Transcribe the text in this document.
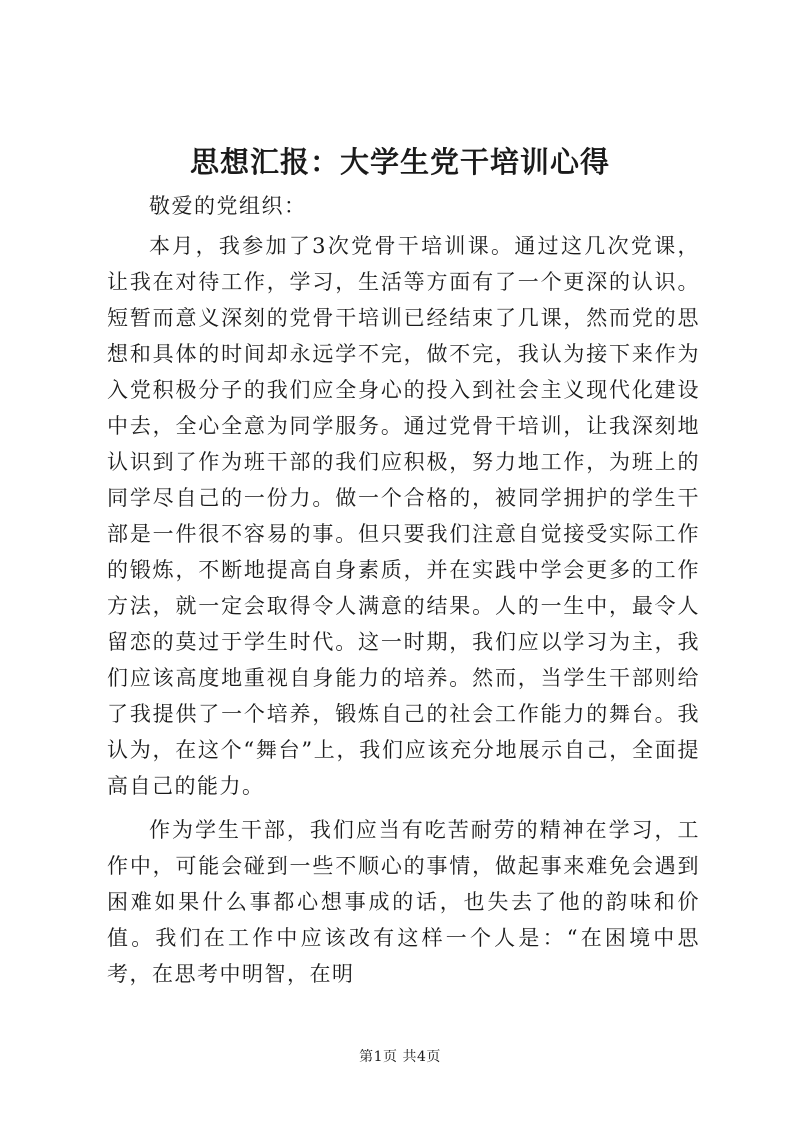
思想汇报：大学生党干培训心得

敬爱的党组织：

本月，我参加了3次党骨干培训课。通过这几次党课，让我在对待工作，学习，生活等方面有了一个更深的认识。短暂而意义深刻的党骨干培训已经结束了几课，然而党的思想和具体的时间却永远学不完，做不完，我认为接下来作为入党积极分子的我们应全身心的投入到社会主义现代化建设中去，全心全意为同学服务。通过党骨干培训，让我深刻地认识到了作为班干部的我们应积极，努力地工作，为班上的同学尽自己的一份力。做一个合格的，被同学拥护的学生干部是一件很不容易的事。但只要我们注意自觉接受实际工作的锻炼，不断地提高自身素质，并在实践中学会更多的工作方法，就一定会取得令人满意的结果。人的一生中，最令人留恋的莫过于学生时代。这一时期，我们应以学习为主，我们应该高度地重视自身能力的培养。然而，当学生干部则给了我提供了一个培养，锻炼自己的社会工作能力的舞台。我认为，在这个“舞台”上，我们应该充分地展示自己，全面提高自己的能力。

作为学生干部，我们应当有吃苦耐劳的精神在学习，工作中，可能会碰到一些不顺心的事情，做起事来难免会遇到困难如果什么事都心想事成的话，也失去了他的韵味和价值。我们在工作中应该改有这样一个人是：“在困境中思考，在思考中明智，在明

第1页 共4页
